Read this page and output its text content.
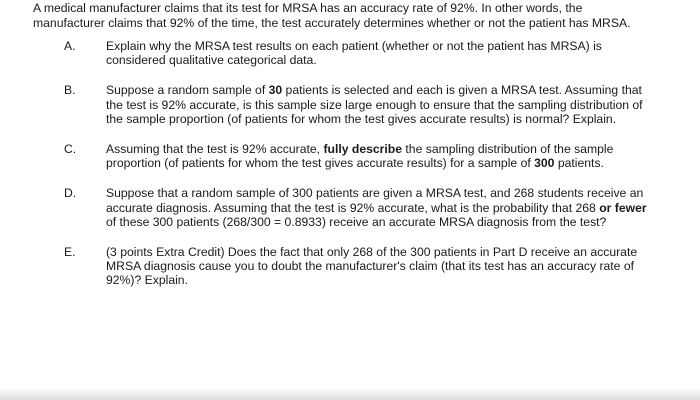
A medical manufacturer claims that its test for MRSA has an accuracy rate of 92%. In other words, the manufacturer claims that 92% of the time, the test accurately determines whether or not the patient has MRSA.

A.	Explain why the MRSA test results on each patient (whether or not the patient has MRSA) is considered qualitative categorical data.
B.	Suppose a random sample of 30 patients is selected and each is given a MRSA test. Assuming that the test is 92% accurate, is this sample size large enough to ensure that the sampling distribution of the sample proportion (of patients for whom the test gives accurate results) is normal? Explain.
C.	Assuming that the test is 92% accurate, fully describe the sampling distribution of the sample proportion (of patients for whom the test gives accurate results) for a sample of 300 patients.
D.	Suppose that a random sample of 300 patients are given a MRSA test, and 268 students receive an accurate diagnosis. Assuming that the test is 92% accurate, what is the probability that 268 or fewer of these 300 patients (268/300 = 0.8933) receive an accurate MRSA diagnosis from the test?
E.	(3 points Extra Credit) Does the fact that only 268 of the 300 patients in Part D receive an accurate MRSA diagnosis cause you to doubt the manufacturer's claim (that its test has an accuracy rate of 92%)? Explain.
